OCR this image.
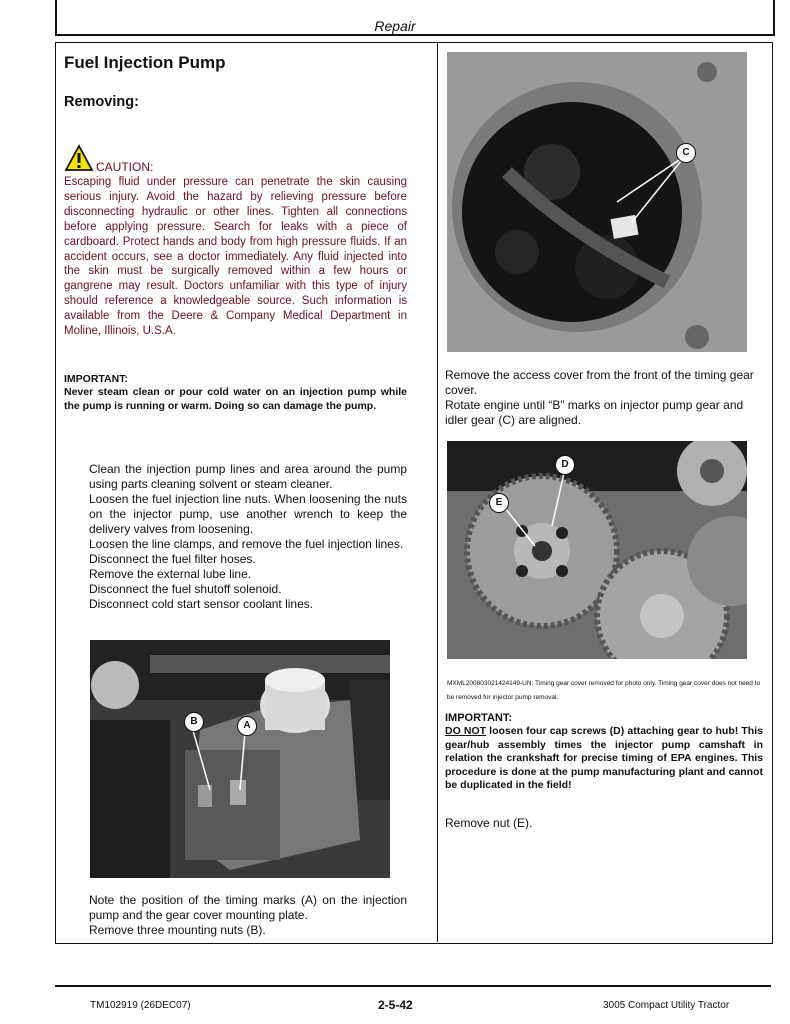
Repair
Fuel Injection Pump
Removing:
CAUTION:
Escaping fluid under pressure can penetrate the skin causing serious injury. Avoid the hazard by relieving pressure before disconnecting hydraulic or other lines. Tighten all connections before applying pressure. Search for leaks with a piece of cardboard. Protect hands and body from high pressure fluids. If an accident occurs, see a doctor immediately. Any fluid injected into the skin must be surgically removed within a few hours or gangrene may result. Doctors unfamiliar with this type of injury should reference a knowledgeable source. Such information is available from the Deere & Company Medical Department in Moline, Illinois, U.S.A.
IMPORTANT:
Never steam clean or pour cold water on an injection pump while the pump is running or warm. Doing so can damage the pump.

Clean the injection pump lines and area around the pump using parts cleaning solvent or steam cleaner.

Loosen the fuel injection line nuts. When loosening the nuts on the injector pump, use another wrench to keep the delivery valves from loosening.

Loosen the line clamps, and remove the fuel injection lines.

Disconnect the fuel filter hoses.

Remove the external lube line.

Disconnect the fuel shutoff solenoid.

Disconnect cold start sensor coolant lines.

B	A

Note the position of the timing marks (A) on the injection pump and the gear cover mounting plate.

Remove three mounting nuts (B).

C

Remove the access cover from the front of the timing gear cover.

Rotate engine until “B” marks on injector pump gear and idler gear (C) are aligned.

D
E
MXML200803021424149-UN: Timing gear cover removed for photo only. Timing gear cover does not need to be removed for injector pump removal.
IMPORTANT:
DO NOT loosen four cap screws (D) attaching gear to hub! This gear/hub assembly times the injector pump camshaft in relation the crankshaft for precise timing of EPA engines. This procedure is done at the pump manufacturing plant and cannot be duplicated in the field!
Remove nut (E).
TM102919 (26DEC07)	2-5-42	3005 Compact Utility Tractor
